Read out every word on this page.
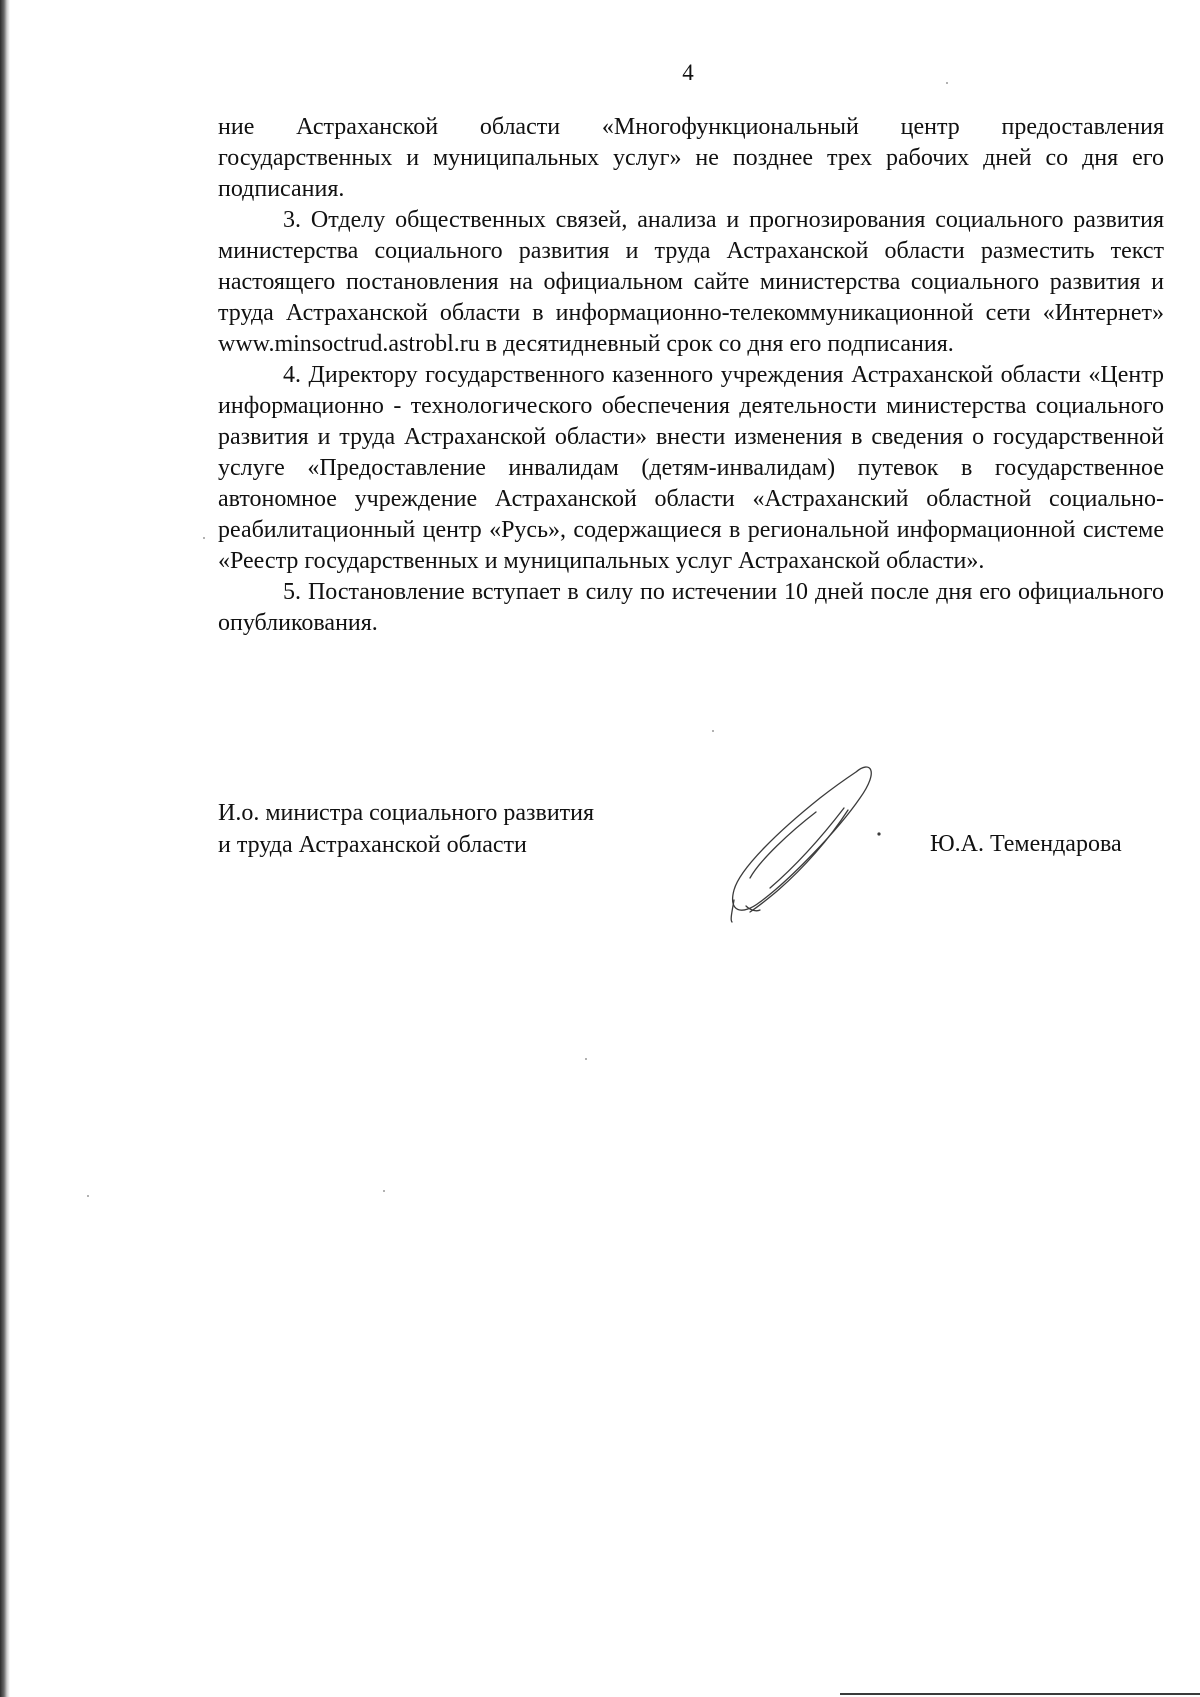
4

ние Астраханской области «Многофункциональный центр предоставления государственных и муниципальных услуг» не позднее трех рабочих дней со дня его подписания.

3. Отделу общественных связей, анализа и прогнозирования социального развития министерства социального развития и труда Астраханской области разместить текст настоящего постановления на официальном сайте министерства социального развития и труда Астраханской области в информационно-телекоммуникационной сети «Интернет» www.minsoctrud.astrobl.ru в десятидневный срок со дня его подписания.

4. Директору государственного казенного учреждения Астраханской области «Центр информационно - технологического обеспечения деятельности министерства социального развития и труда Астраханской области» внести изменения в сведения о государственной услуге «Предоставление инвалидам (детям-инвалидам) путевок в государственное автономное учреждение Астраханской области «Астраханский областной социально-реабилитационный центр «Русь», содержащиеся в региональной информационной системе «Реестр государственных и муниципальных услуг Астраханской области».

5. Постановление вступает в силу по истечении 10 дней после дня его официального опубликования.

И.о. министра социального развития
и труда Астраханской области	Ю.А. Темендарова
